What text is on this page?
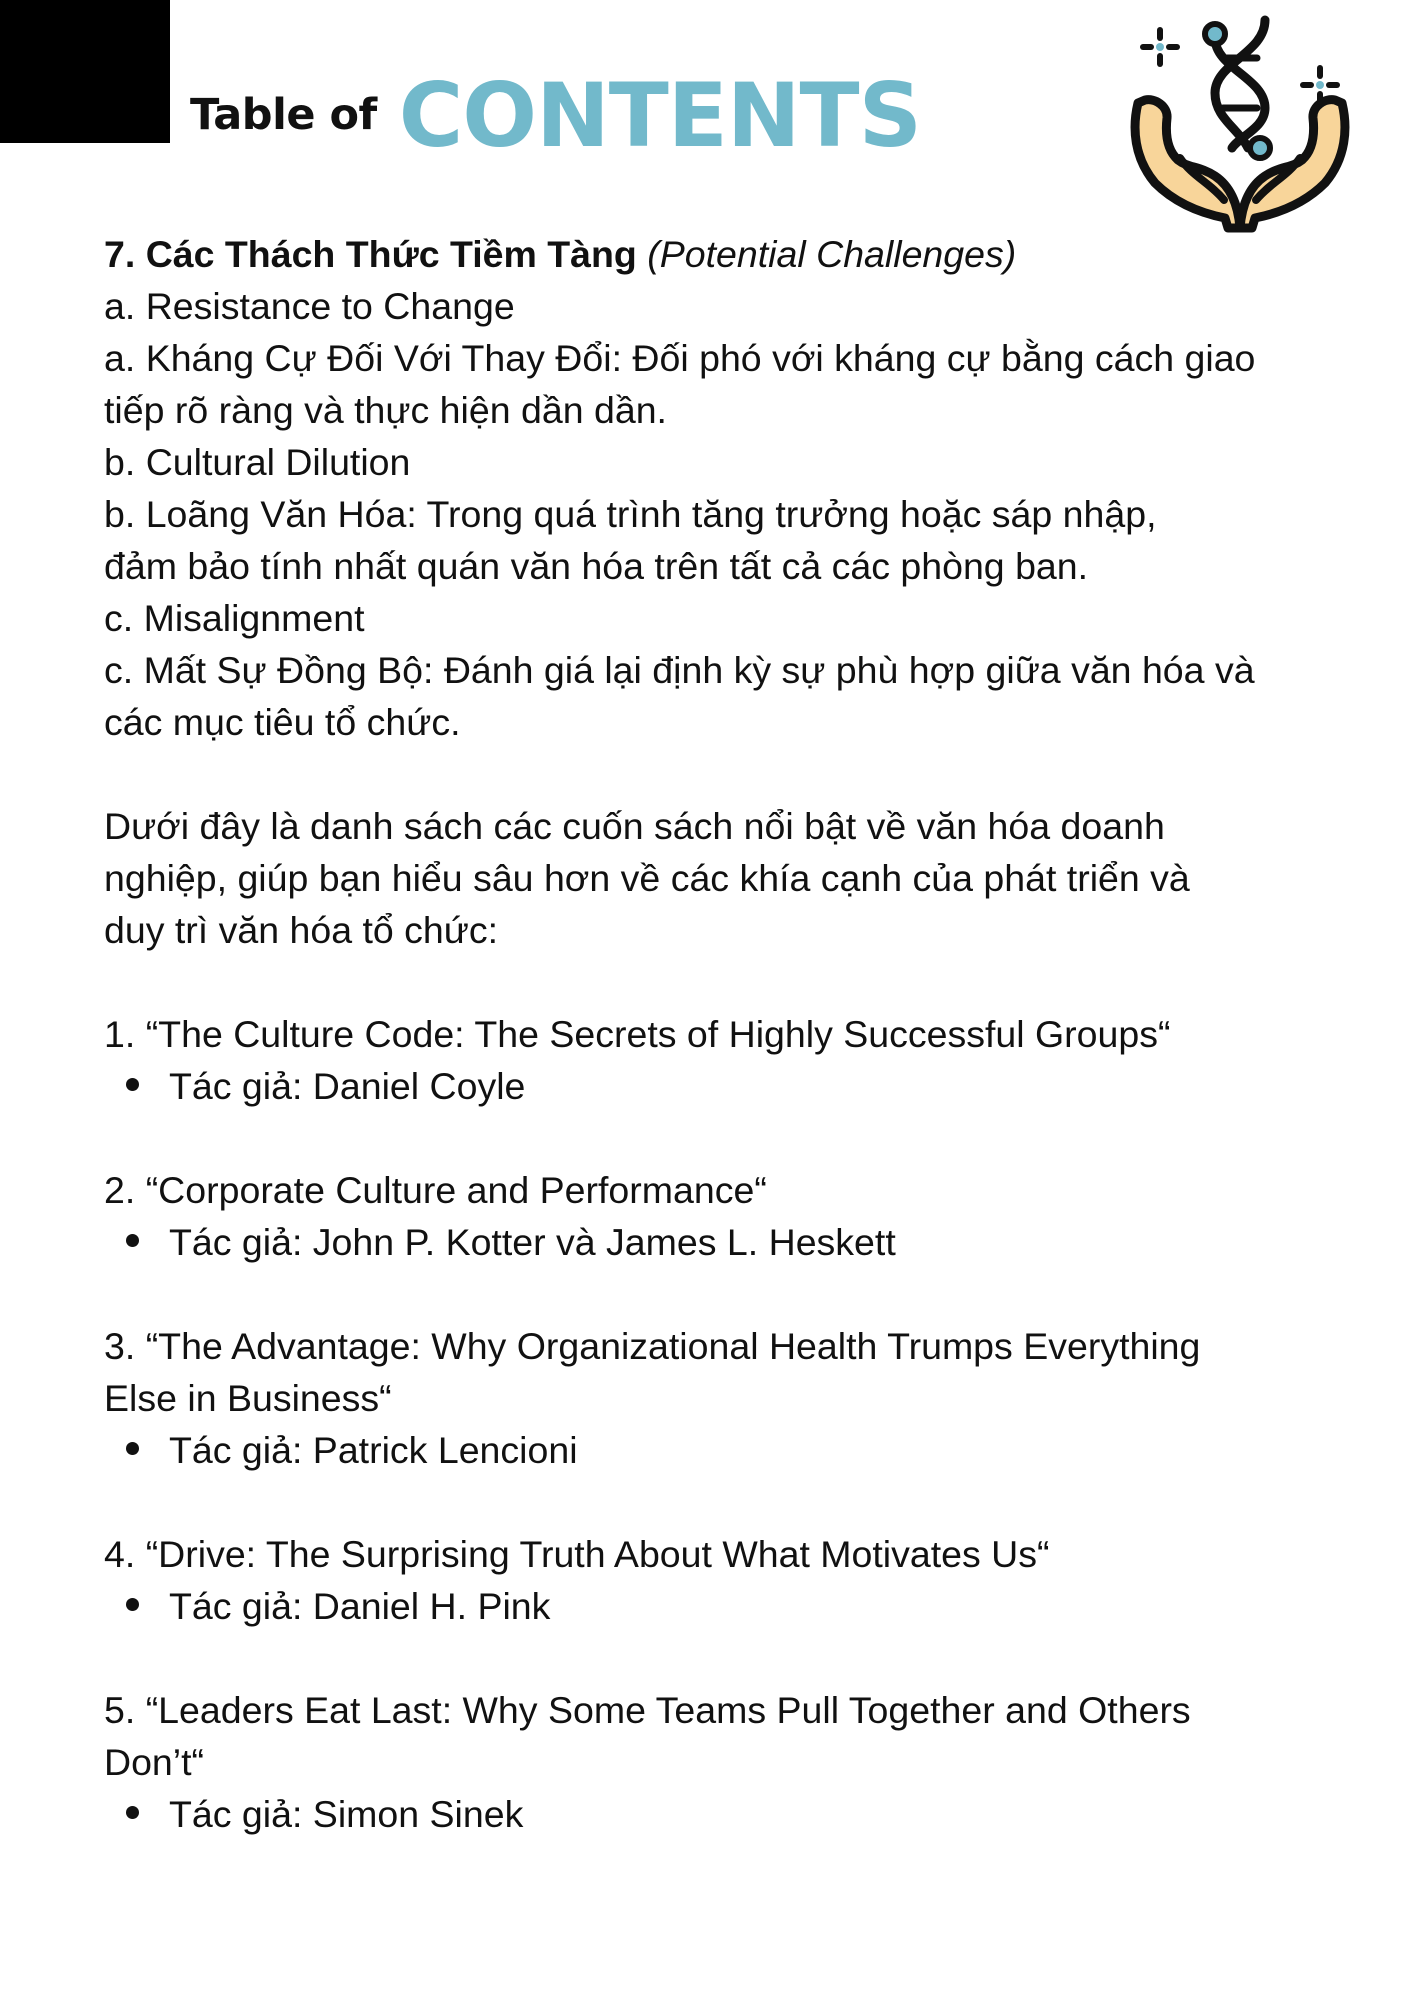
Table of CONTENTS

7. Các Thách Thức Tiềm Tàng (Potential Challenges)

a. Resistance to Change

a. Kháng Cự Đối Với Thay Đổi: Đối phó với kháng cự bằng cách giao

tiếp rõ ràng và thực hiện dần dần.

b. Cultural Dilution

b. Loãng Văn Hóa: Trong quá trình tăng trưởng hoặc sáp nhập,

đảm bảo tính nhất quán văn hóa trên tất cả các phòng ban.

c. Misalignment

c. Mất Sự Đồng Bộ: Đánh giá lại định kỳ sự phù hợp giữa văn hóa và

các mục tiêu tổ chức.

Dưới đây là danh sách các cuốn sách nổi bật về văn hóa doanh

nghiệp, giúp bạn hiểu sâu hơn về các khía cạnh của phát triển và

duy trì văn hóa tổ chức:

1. “The Culture Code: The Secrets of Highly Successful Groups“

Tác giả: Daniel Coyle

2. “Corporate Culture and Performance“

Tác giả: John P. Kotter và James L. Heskett

3. “The Advantage: Why Organizational Health Trumps Everything

Else in Business“

Tác giả: Patrick Lencioni

4. “Drive: The Surprising Truth About What Motivates Us“

Tác giả: Daniel H. Pink

5. “Leaders Eat Last: Why Some Teams Pull Together and Others

Don’t“

Tác giả: Simon Sinek
